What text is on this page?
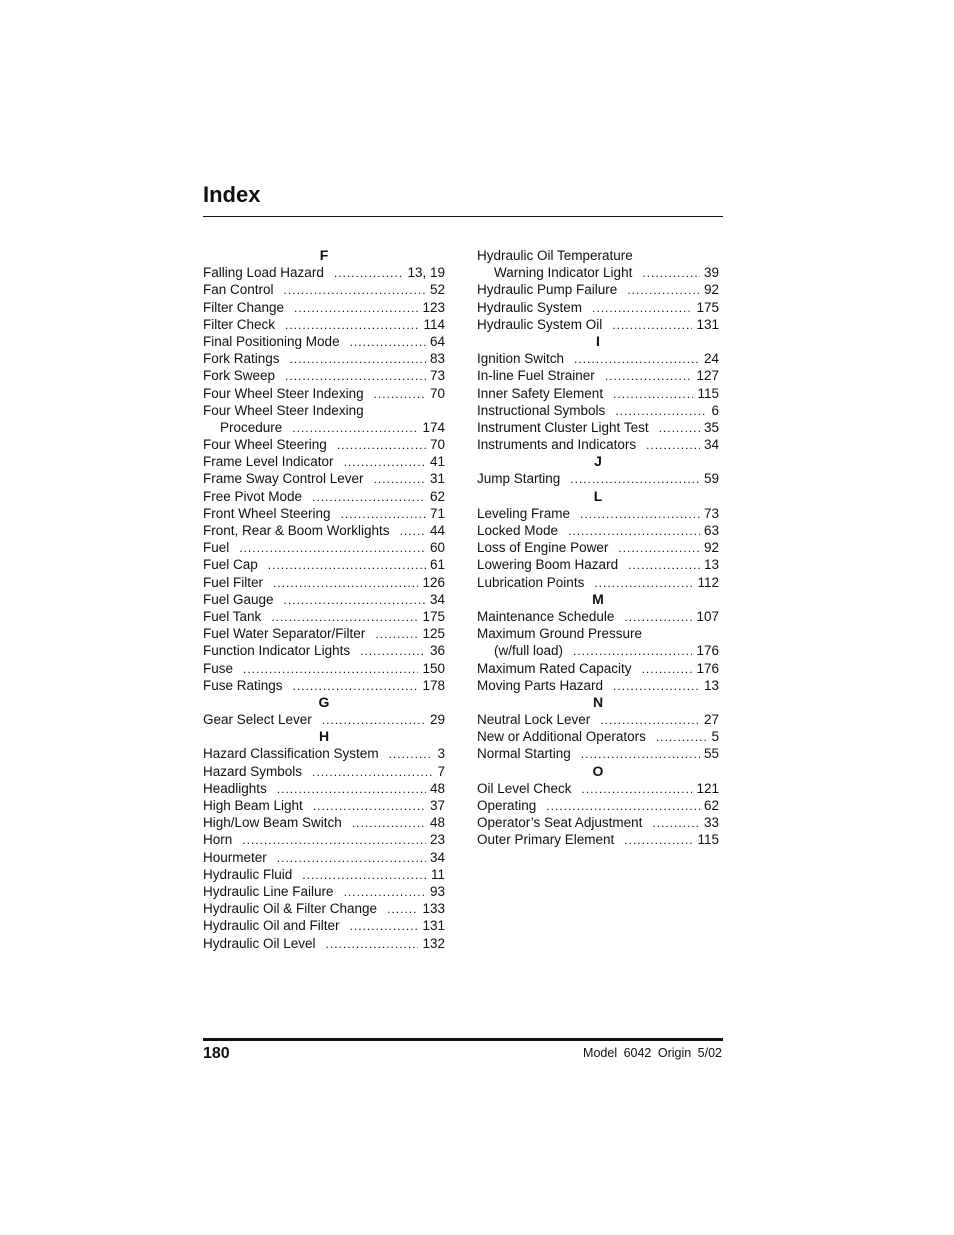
Index
F
Falling Load Hazard .....	13, 19
Fan Control .....	52
Filter Change .....	123
Filter Check .....	114
Final Positioning Mode .....	64
Fork Ratings .....	83
Fork Sweep .....	73
Four Wheel Steer Indexing .....	70
Four Wheel Steer Indexing
Procedure .....	174
Four Wheel Steering .....	70
Frame Level Indicator .....	41
Frame Sway Control Lever .....	31
Free Pivot Mode .....	62
Front Wheel Steering .....	71
Front, Rear & Boom Worklights .....	44
Fuel .....	60
Fuel Cap .....	61
Fuel Filter .....	126
Fuel Gauge .....	34
Fuel Tank .....	175
Fuel Water Separator/Filter .....	125
Function Indicator Lights .....	36
Fuse .....	150
Fuse Ratings .....	178
G
Gear Select Lever .....	29
H
Hazard Classification System .....	3
Hazard Symbols .....	7
Headlights .....	48
High Beam Light .....	37
High/Low Beam Switch .....	48
Horn .....	23
Hourmeter .....	34
Hydraulic Fluid .....	11
Hydraulic Line Failure .....	93
Hydraulic Oil & Filter Change .....	133
Hydraulic Oil and Filter .....	131
Hydraulic Oil Level .....	132
Hydraulic Oil Temperature
Warning Indicator Light .....	39
Hydraulic Pump Failure .....	92
Hydraulic System .....	175
Hydraulic System Oil .....	131
I
Ignition Switch .....	24
In-line Fuel Strainer .....	127
Inner Safety Element .....	115
Instructional Symbols .....	6
Instrument Cluster Light Test .....	35
Instruments and Indicators .....	34
J
Jump Starting .....	59
L
Leveling Frame .....	73
Locked Mode .....	63
Loss of Engine Power .....	92
Lowering Boom Hazard .....	13
Lubrication Points .....	112
M
Maintenance Schedule .....	107
Maximum Ground Pressure
(w/full load) .....	176
Maximum Rated Capacity .....	176
Moving Parts Hazard .....	13
N
Neutral Lock Lever .....	27
New or Additional Operators .....	5
Normal Starting .....	55
O
Oil Level Check .....	121
Operating .....	62
Operator’s Seat Adjustment .....	33
Outer Primary Element .....	115
180	Model 6042 Origin 5/02
